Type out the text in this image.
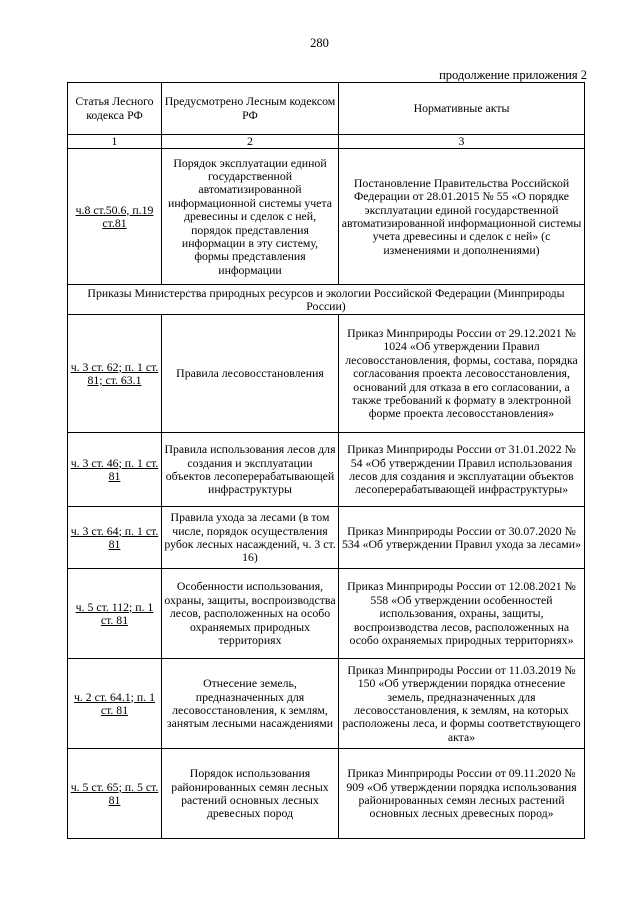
280
продолжение приложения 2
Статья Лесного кодекса РФ	Предусмотрено Лесным кодексом РФ	Нормативные акты
1	2	3
ч.8 ст.50.6, п.19 ст.81	Порядок эксплуатации единой государственной автоматизированной информационной системы учета древесины и сделок с ней, порядок представления информации в эту систему, формы представления информации	Постановление Правительства Российской Федерации от 28.01.2015 № 55 «О порядке эксплуатации единой государственной автоматизированной информационной системы учета древесины и сделок с ней» (с изменениями и дополнениями)
Приказы Министерства природных ресурсов и экологии Российской Федерации (Минприроды России)		
ч. 3 ст. 62; п. 1 ст. 81; ст. 63.1	Правила лесовосстановления	Приказ Минприроды России от 29.12.2021 № 1024 «Об утверждении Правил лесовосстановления, формы, состава, порядка согласования проекта лесовосстановления, оснований для отказа в его согласовании, а также требований к формату в электронной форме проекта лесовосстановления»
ч. 3 ст. 46; п. 1 ст. 81	Правила использования лесов для создания и эксплуатации объектов лесоперерабатывающей инфраструктуры	Приказ Минприроды России от 31.01.2022 № 54 «Об утверждении Правил использования лесов для создания и эксплуатации объектов лесоперерабатывающей инфраструктуры»
ч. 3 ст. 64; п. 1 ст. 81	Правила ухода за лесами (в том числе, порядок осуществления рубок лесных насаждений, ч. 3 ст. 16)	Приказ Минприроды России от 30.07.2020 № 534 «Об утверждении Правил ухода за лесами»
ч. 5 ст. 112; п. 1 ст. 81	Особенности использования, охраны, защиты, воспроизводства лесов, расположенных на особо охраняемых природных территориях	Приказ Минприроды России от 12.08.2021 № 558 «Об утверждении особенностей использования, охраны, защиты, воспроизводства лесов, расположенных на особо охраняемых природных территориях»
ч. 2 ст. 64.1; п. 1 ст. 81	Отнесение земель, предназначенных для лесовосстановления, к землям, занятым лесными насаждениями	Приказ Минприроды России от 11.03.2019 № 150 «Об утверждении порядка отнесение земель, предназначенных для лесовосстановления, к землям, на которых расположены леса, и формы соответствующего акта»
ч. 5 ст. 65; п. 5 ст. 81	Порядок использования районированных семян лесных растений основных лесных древесных пород	Приказ Минприроды России от 09.11.2020 № 909 «Об утверждении порядка использования районированных семян лесных растений основных лесных древесных пород»
